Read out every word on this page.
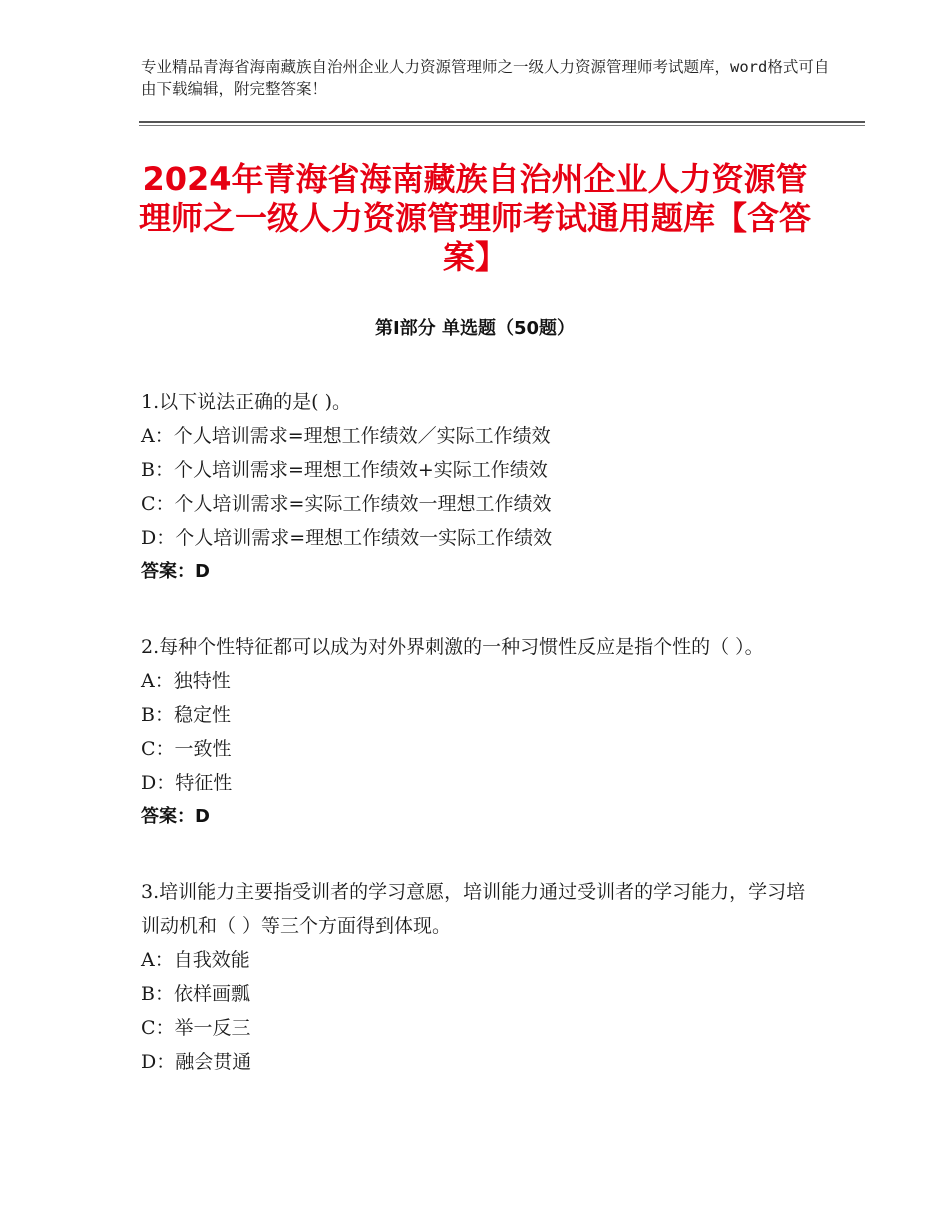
专业精品青海省海南藏族自治州企业人力资源管理师之一级人力资源管理师考试题库，word格式可自由下载编辑，附完整答案！
2024年青海省海南藏族自治州企业人力资源管理师之一级人力资源管理师考试通用题库【含答案】
第Ⅰ部分 单选题（50题）
1.以下说法正确的是( )。
A：个人培训需求=理想工作绩效／实际工作绩效
B：个人培训需求=理想工作绩效+实际工作绩效
C：个人培训需求=实际工作绩效一理想工作绩效
D：个人培训需求=理想工作绩效一实际工作绩效
答案：D
2.每种个性特征都可以成为对外界刺激的一种习惯性反应是指个性的（ ）。
A：独特性
B：稳定性
C：一致性
D：特征性
答案：D
3.培训能力主要指受训者的学习意愿，培训能力通过受训者的学习能力，学习培训动机和（ ）等三个方面得到体现。
A：自我效能
B：依样画瓢
C：举一反三
D：融会贯通
